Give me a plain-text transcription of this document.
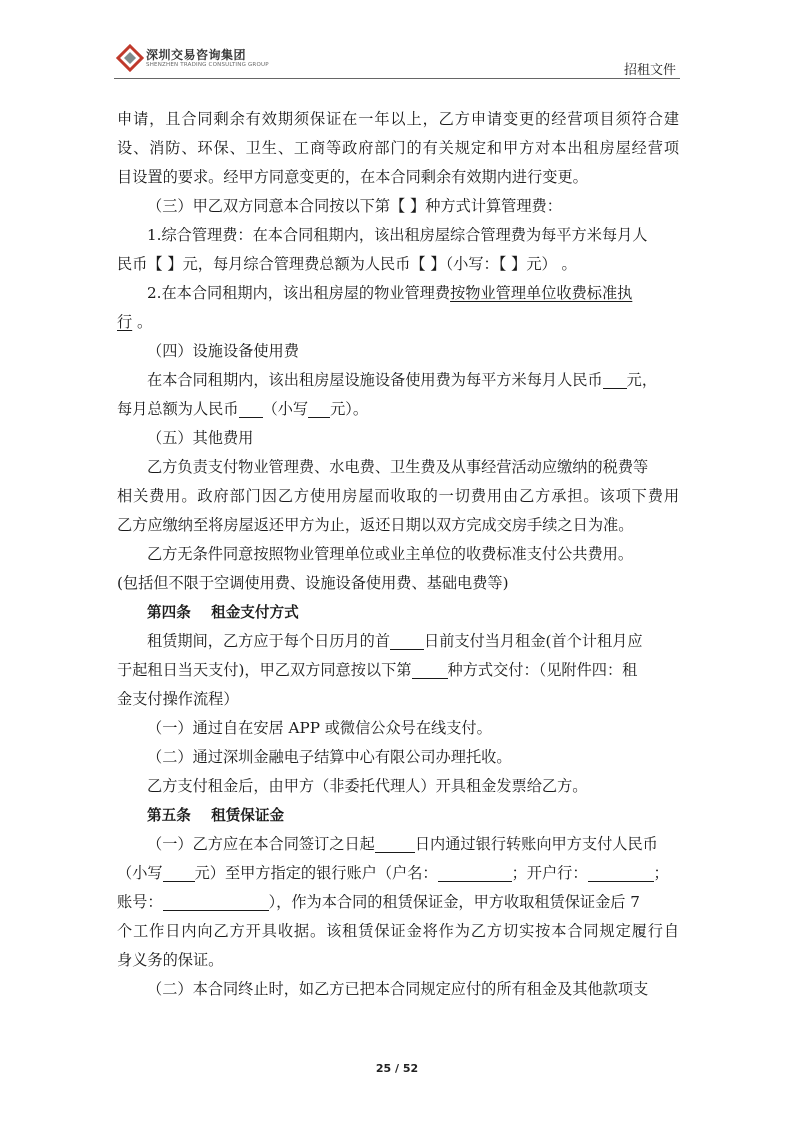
深圳交易咨询集团
SHENZHEN TRADING CONSULTING GROUP	招租文件
申请，且合同剩余有效期须保证在一年以上，乙方申请变更的经营项目须符合建
设、消防、环保、卫生、工商等政府部门的有关规定和甲方对本出租房屋经营项
目设置的要求。经甲方同意变更的，在本合同剩余有效期内进行变更。
（三）甲乙双方同意本合同按以下第【 】种方式计算管理费：
1.综合管理费：在本合同租期内，该出租房屋综合管理费为每平方米每月人
民币【 】元，每月综合管理费总额为人民币【 】（小写：【 】元） 。
2.在本合同租期内，该出租房屋的物业管理费按物业管理单位收费标准执
行 。
（四）设施设备使用费
在本合同租期内，该出租房屋设施设备使用费为每平方米每月人民币 元，
每月总额为人民币 （小写 元）。
（五）其他费用
乙方负责支付物业管理费、水电费、卫生费及从事经营活动应缴纳的税费等
相关费用。政府部门因乙方使用房屋而收取的一切费用由乙方承担。该项下费用
乙方应缴纳至将房屋返还甲方为止，返还日期以双方完成交房手续之日为准。
乙方无条件同意按照物业管理单位或业主单位的收费标准支付公共费用。
(包括但不限于空调使用费、设施设备使用费、基础电费等)
第四条    租金支付方式
租赁期间，乙方应于每个日历月的首 日前支付当月租金(首个计租月应
于起租日当天支付)，甲乙双方同意按以下第 种方式交付：（见附件四：租
金支付操作流程）
（一）通过自在安居 APP 或微信公众号在线支付。
（二）通过深圳金融电子结算中心有限公司办理托收。
乙方支付租金后，由甲方（非委托代理人）开具租金发票给乙方。
第五条    租赁保证金
（一）乙方应在本合同签订之日起	日内通过银行转账向甲方支付人民币
（小写 元）至甲方指定的银行账户（户名：	；开户行：	；
账号：	），作为本合同的租赁保证金，甲方收取租赁保证金后 7
个工作日内向乙方开具收据。该租赁保证金将作为乙方切实按本合同规定履行自
身义务的保证。
（二）本合同终止时，如乙方已把本合同规定应付的所有租金及其他款项支
25 / 52
